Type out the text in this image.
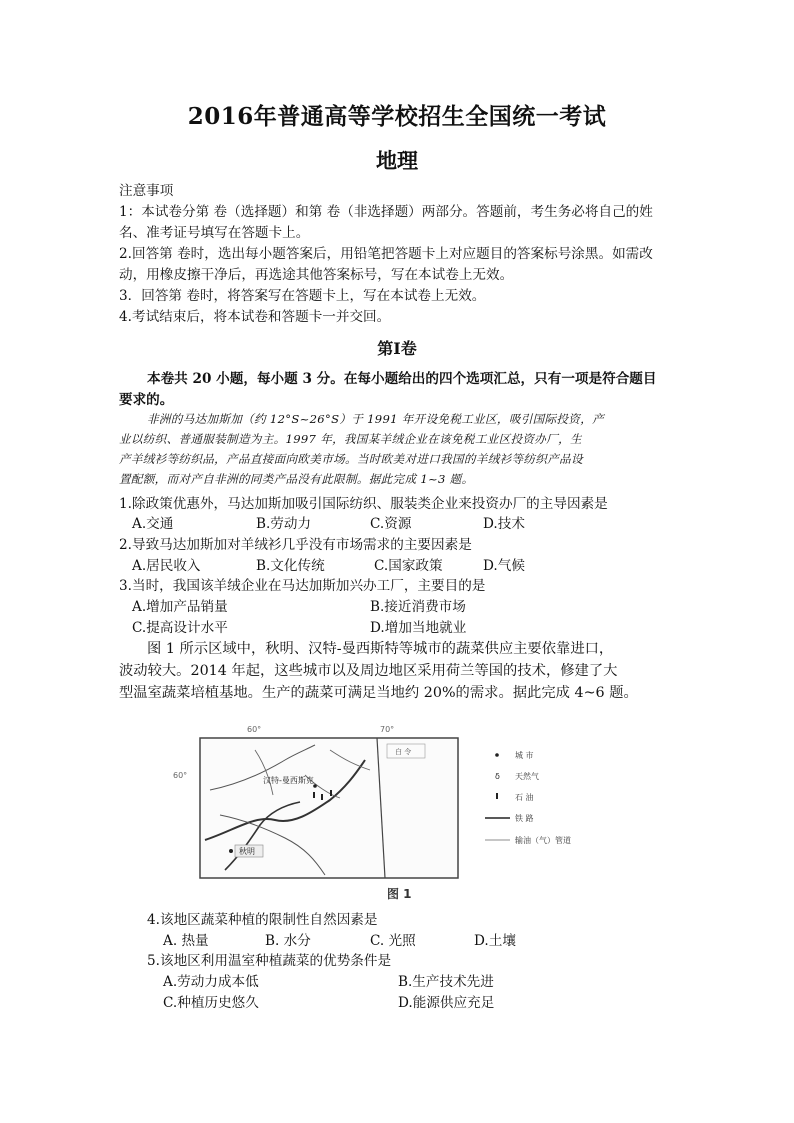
2016年普通高等学校招生全国统一考试
地理
注意事项
1：本试卷分第 卷（选择题）和第 卷（非选择题）两部分。答题前，考生务必将自己的姓
名、准考证号填写在答题卡上。
2.回答第 卷时，选出每小题答案后，用铅笔把答题卡上对应题目的答案标号涂黑。如需改
动，用橡皮擦干净后，再选途其他答案标号，写在本试卷上无效。
3．回答第 卷时，将答案写在答题卡上，写在本试卷上无效。
4.考试结束后，将本试卷和答题卡一并交回。
第Ⅰ卷
本卷共 20 小题，每小题 3 分。在每小题给出的四个选项汇总，只有一项是符合题目
要求的。
非洲的马达加斯加（约 12°S~26°S）于 1991 年开设免税工业区，吸引国际投资，产
业以纺织、普通服装制造为主。1997 年，我国某羊绒企业在该免税工业区投资办厂，生
产羊绒衫等纺织品，产品直接面向欧美市场。当时欧美对进口我国的羊绒衫等纺织产品设
置配额，而对产自非洲的同类产品没有此限制。据此完成 1~3 题。
1.除政策优惠外，马达加斯加吸引国际纺织、服装类企业来投资办厂的主导因素是
A.交通	B.劳动力	C.资源	D.技术
2.导致马达加斯加对羊绒衫几乎没有市场需求的主要因素是
A.居民收入	B.文化传统	C.国家政策	D.气候
3.当时，我国该羊绒企业在马达加斯加兴办工厂，主要目的是
A.增加产品销量	B.接近消费市场
C.提高设计水平	D.增加当地就业
图 1 所示区域中，秋明、汉特-曼西斯特等城市的蔬菜供应主要依靠进口，
波动较大。2014 年起，这些城市以及周边地区采用荷兰等国的技术，修建了大
型温室蔬菜培植基地。生产的蔬菜可满足当地约 20%的需求。据此完成 4~6 题。
60°	70°
60°
白 令
汉特-曼西斯克
秋明
城 市
δ 天然气
石 油
铁 路
输油（气）管道
图 1
4.该地区蔬菜种植的限制性自然因素是
A. 热量	B. 水分	C. 光照	D.土壤
5.该地区利用温室种植蔬菜的优势条件是
A.劳动力成本低	B.生产技术先进
C.种植历史悠久	D.能源供应充足
